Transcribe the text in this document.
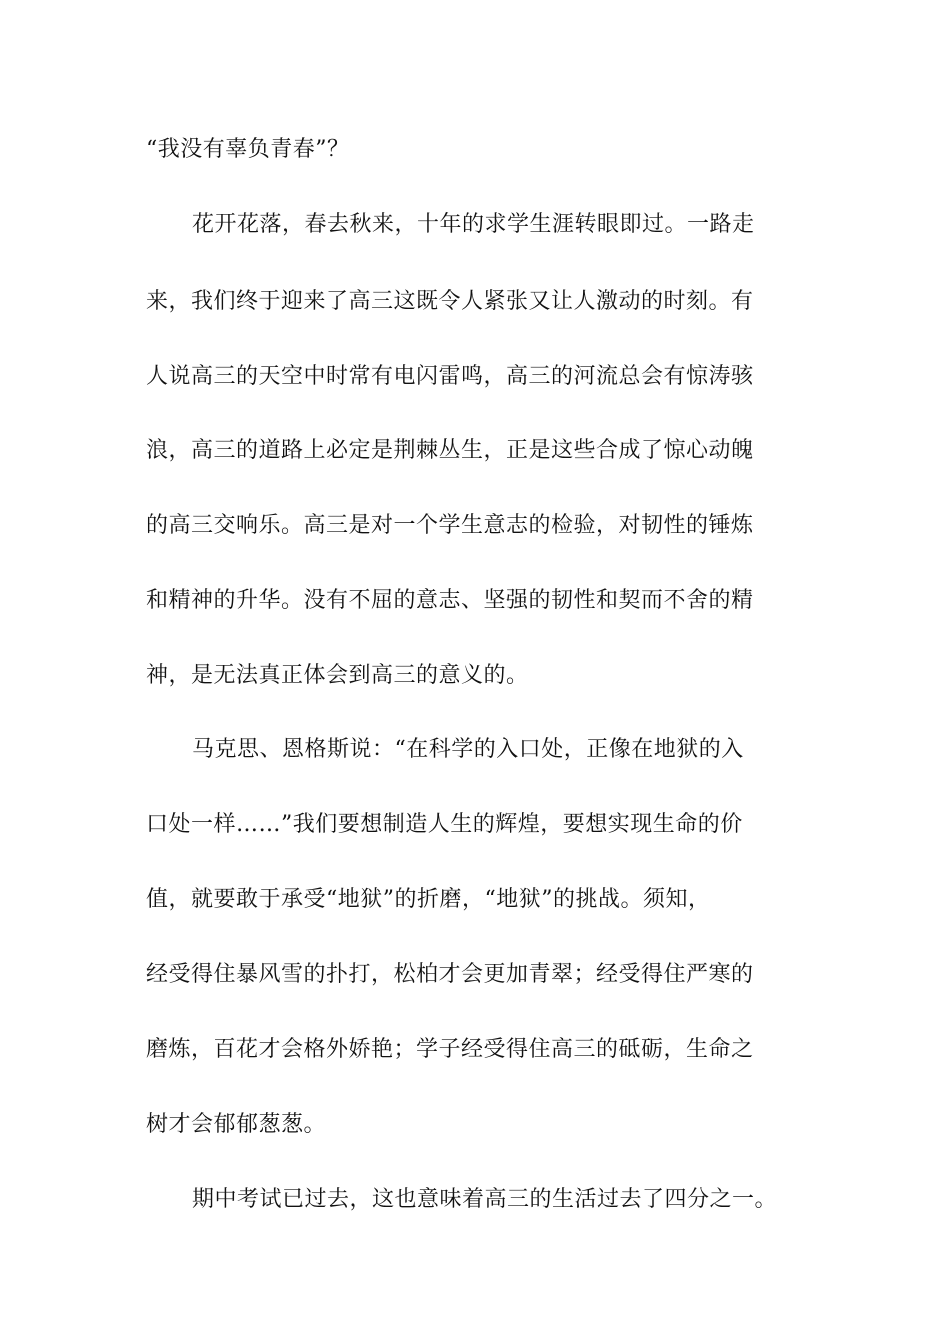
“我没有辜负青春”？
花开花落，春去秋来，十年的求学生涯转眼即过。一路走
来，我们终于迎来了高三这既令人紧张又让人激动的时刻。有
人说高三的天空中时常有电闪雷鸣，高三的河流总会有惊涛骇
浪，高三的道路上必定是荆棘丛生，正是这些合成了惊心动魄
的高三交响乐。高三是对一个学生意志的检验，对韧性的锤炼
和精神的升华。没有不屈的意志、坚强的韧性和契而不舍的精
神，是无法真正体会到高三的意义的。
马克思、恩格斯说：“在科学的入口处，正像在地狱的入
口处一样……”我们要想制造人生的辉煌，要想实现生命的价
值，就要敢于承受“地狱”的折磨，“地狱”的挑战。须知，
经受得住暴风雪的扑打，松柏才会更加青翠；经受得住严寒的
磨炼，百花才会格外娇艳；学子经受得住高三的砥砺，生命之
树才会郁郁葱葱。
期中考试已过去，这也意味着高三的生活过去了四分之一。
